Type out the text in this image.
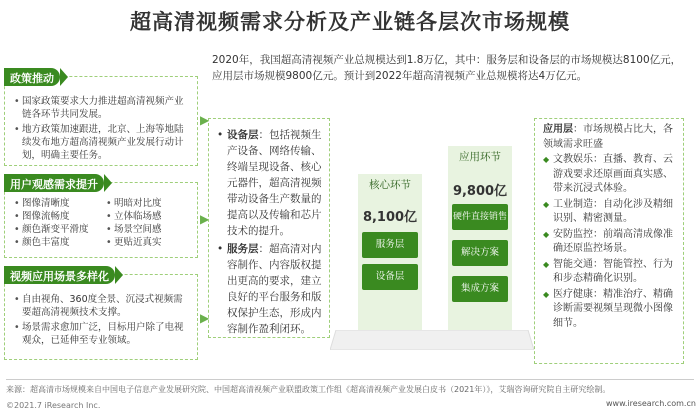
超高清视频需求分析及产业链各层次市场规模
• 国家政策要求大力推进超高清视频产业链各环节共同发展。
• 地方政策加速跟进，北京、上海等地陆续发布地方超高清视频产业发展行动计划，明确主要任务。
政策推动
• 图像清晰度	• 明暗对比度
• 图像流畅度	• 立体临场感
• 颜色渐变平滑度	• 场景空间感
• 颜色丰富度	• 更贴近真实
用户观感需求提升
• 自由视角、360度全景、沉浸式视频需要超高清视频技术支撑。
• 场景需求愈加广泛，目标用户除了电视观众，已延伸至专业领域。
视频应用场景多样化
▶
▶
▶
2020年，我国超高清视频产业总规模达到1.8万亿，其中：服务层和设备层的市场规模达8100亿元，应用层市场规模9800亿元。预计到2022年超高清视频产业总规模将达4万亿元。

• 设备层：包括视频生产设备、网络传输、终端呈现设备、核心元器件，超高清视频带动设备生产数量的提高以及传输和芯片技术的提升。

• 服务层：超高清对内容制作、内容版权提出更高的要求，建立良好的平台服务和版权保护生态，形成内容制作盈利闭环。

核心环节
8,100亿
服务层
设备层
应用环节
9,800亿
硬件直接销售
解决方案
集成方案

应用层：市场规模占比大，各领域需求旺盛

◆ 文教娱乐：直播、教育、云游戏要求还原画面真实感、带来沉浸式体验。

◆ 工业制造：自动化涉及精细识别、精密测量。

◆ 安防监控：前端高清成像准确还原监控场景。

◆ 智能交通：智能管控、行为和步态精确化识别。

◆ 医疗健康：精准治疗、精确诊断需要视频呈现微小图像细节。

来源：超高清市场规模来自中国电子信息产业发展研究院、中国超高清视频产业联盟政策工作组《超高清视频产业发展白皮书（2021年）》，艾瑞咨询研究院自主研究绘制。
©2021.7 iResearch Inc.	www.iresearch.com.cn
